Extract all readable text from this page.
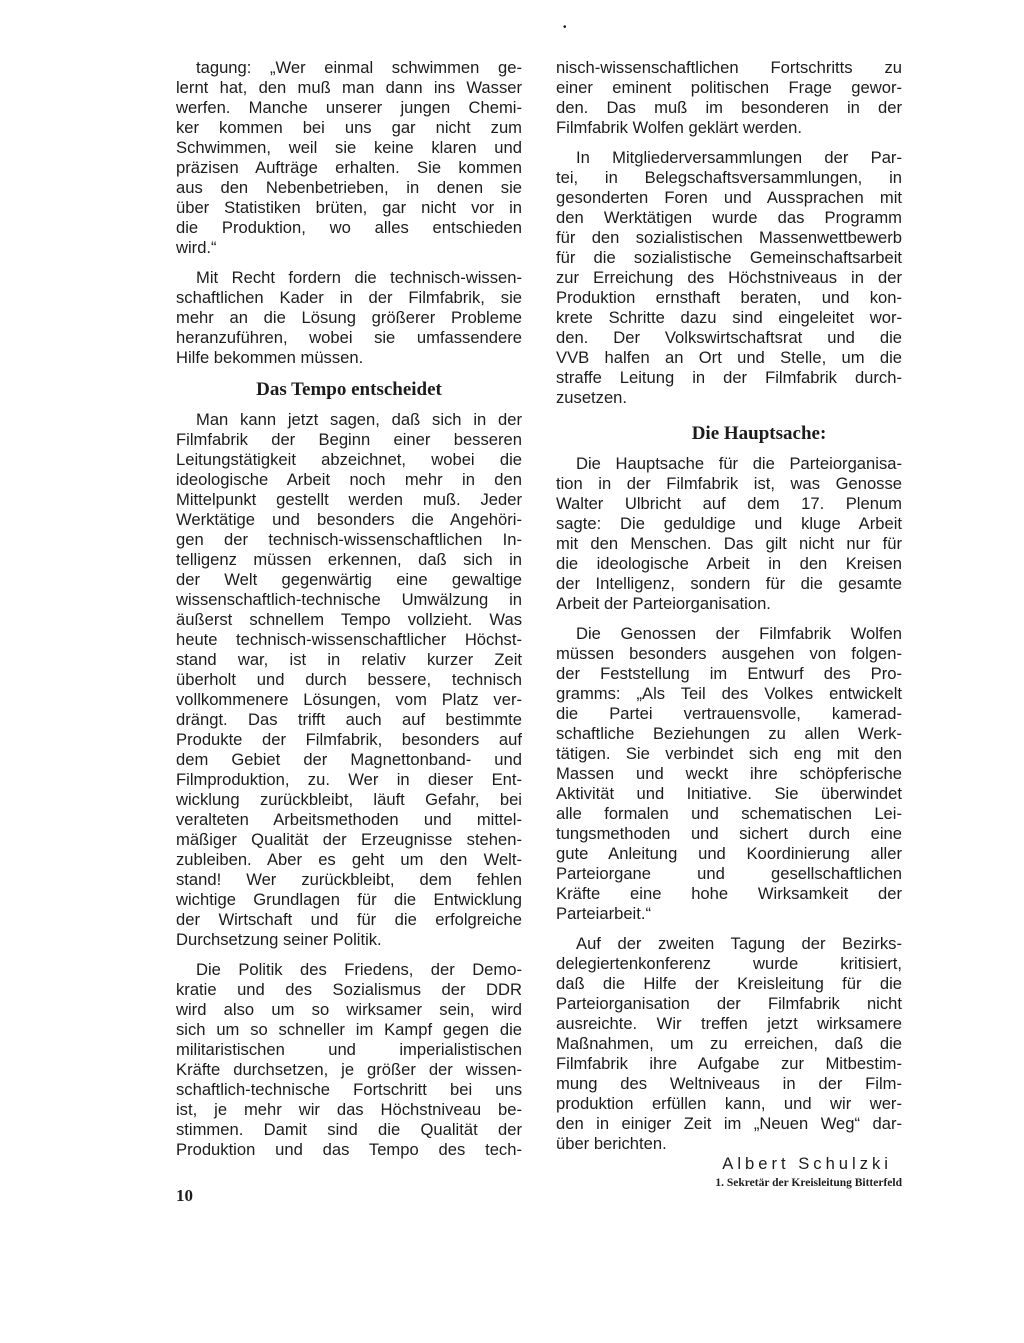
•
tagung: „Wer einmal schwimmen ge-
lernt hat, den muß man dann ins Wasser
werfen. Manche unserer jungen Chemi-
ker kommen bei uns gar nicht zum
Schwimmen, weil sie keine klaren und
präzisen Aufträge erhalten. Sie kommen
aus den Nebenbetrieben, in denen sie
über Statistiken brüten, gar nicht vor in
die Produktion, wo alles entschieden
wird.“
Mit Recht fordern die technisch-wissen-
schaftlichen Kader in der Filmfabrik, sie
mehr an die Lösung größerer Probleme
heranzuführen, wobei sie umfassendere
Hilfe bekommen müssen.
Das Tempo entscheidet
Man kann jetzt sagen, daß sich in der
Filmfabrik der Beginn einer besseren
Leitungstätigkeit abzeichnet, wobei die
ideologische Arbeit noch mehr in den
Mittelpunkt gestellt werden muß. Jeder
Werktätige und besonders die Angehöri-
gen der technisch-wissenschaftlichen In-
telligenz müssen erkennen, daß sich in
der Welt gegenwärtig eine gewaltige
wissenschaftlich-technische Umwälzung in
äußerst schnellem Tempo vollzieht. Was
heute technisch-wissenschaftlicher Höchst-
stand war, ist in relativ kurzer Zeit
überholt und durch bessere, technisch
vollkommenere Lösungen, vom Platz ver-
drängt. Das trifft auch auf bestimmte
Produkte der Filmfabrik, besonders auf
dem Gebiet der Magnettonband- und
Filmproduktion, zu. Wer in dieser Ent-
wicklung zurückbleibt, läuft Gefahr, bei
veralteten Arbeitsmethoden und mittel-
mäßiger Qualität der Erzeugnisse stehen-
zubleiben. Aber es geht um den Welt-
stand! Wer zurückbleibt, dem fehlen
wichtige Grundlagen für die Entwicklung
der Wirtschaft und für die erfolgreiche
Durchsetzung seiner Politik.
Die Politik des Friedens, der Demo-
kratie und des Sozialismus der DDR
wird also um so wirksamer sein, wird
sich um so schneller im Kampf gegen die
militaristischen und imperialistischen
Kräfte durchsetzen, je größer der wissen-
schaftlich-technische Fortschritt bei uns
ist, je mehr wir das Höchstniveau be-
stimmen. Damit sind die Qualität der
Produktion und das Tempo des tech-
nisch-wissenschaftlichen Fortschritts zu
einer eminent politischen Frage gewor-
den. Das muß im besonderen in der
Filmfabrik Wolfen geklärt werden.
In Mitgliederversammlungen der Par-
tei, in Belegschaftsversammlungen, in
gesonderten Foren und Aussprachen mit
den Werktätigen wurde das Programm
für den sozialistischen Massenwettbewerb
für die sozialistische Gemeinschaftsarbeit
zur Erreichung des Höchstniveaus in der
Produktion ernsthaft beraten, und kon-
krete Schritte dazu sind eingeleitet wor-
den. Der Volkswirtschaftsrat und die
VVB halfen an Ort und Stelle, um die
straffe Leitung in der Filmfabrik durch-
zusetzen.
Die Hauptsache:
Die Hauptsache für die Parteiorganisa-
tion in der Filmfabrik ist, was Genosse
Walter Ulbricht auf dem 17. Plenum
sagte: Die geduldige und kluge Arbeit
mit den Menschen. Das gilt nicht nur für
die ideologische Arbeit in den Kreisen
der Intelligenz, sondern für die gesamte
Arbeit der Parteiorganisation.
Die Genossen der Filmfabrik Wolfen
müssen besonders ausgehen von folgen-
der Feststellung im Entwurf des Pro-
gramms: „Als Teil des Volkes entwickelt
die Partei vertrauensvolle, kamerad-
schaftliche Beziehungen zu allen Werk-
tätigen. Sie verbindet sich eng mit den
Massen und weckt ihre schöpferische
Aktivität und Initiative. Sie überwindet
alle formalen und schematischen Lei-
tungsmethoden und sichert durch eine
gute Anleitung und Koordinierung aller
Parteiorgane und gesellschaftlichen
Kräfte eine hohe Wirksamkeit der
Parteiarbeit.“
Auf der zweiten Tagung der Bezirks-
delegiertenkonferenz wurde kritisiert,
daß die Hilfe der Kreisleitung für die
Parteiorganisation der Filmfabrik nicht
ausreichte. Wir treffen jetzt wirksamere
Maßnahmen, um zu erreichen, daß die
Filmfabrik ihre Aufgabe zur Mitbestim-
mung des Weltniveaus in der Film-
produktion erfüllen kann, und wir wer-
den in einiger Zeit im „Neuen Weg“ dar-
über berichten.
Albert Schulzki
1. Sekretär der Kreisleitung Bitterfeld
10
